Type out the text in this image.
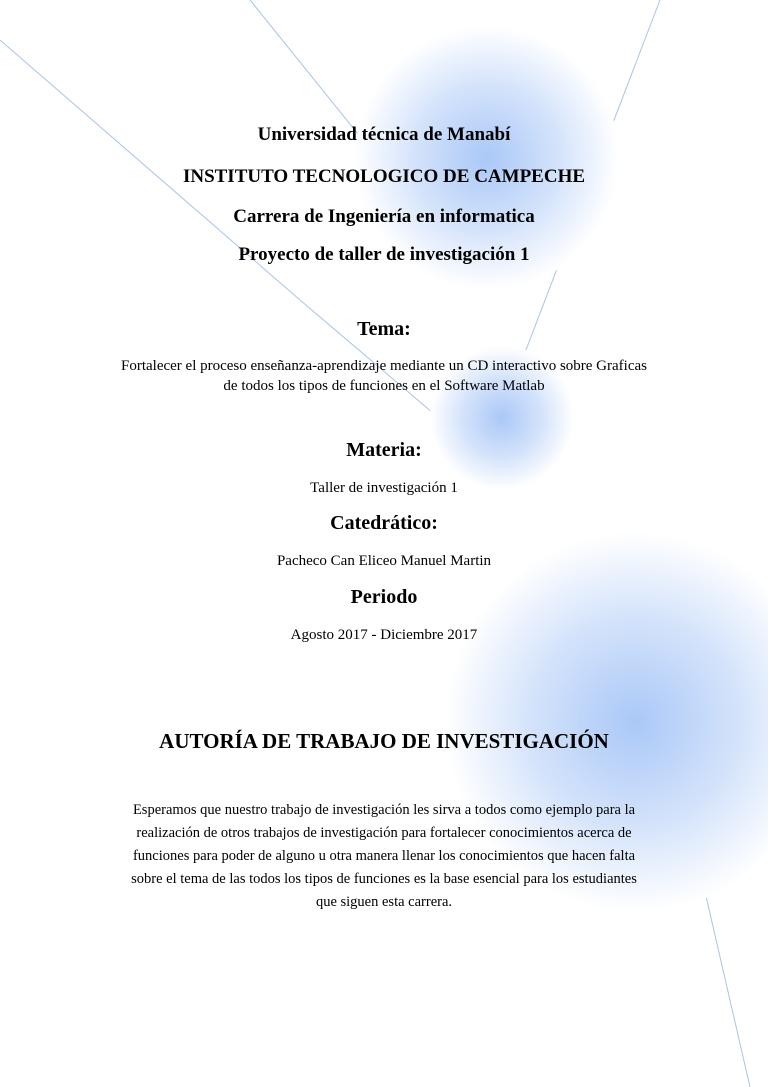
Universidad técnica de Manabí
INSTITUTO TECNOLOGICO DE CAMPECHE
Carrera de Ingeniería en informatica
Proyecto de taller de investigación 1
Tema:
Fortalecer el proceso enseñanza-aprendizaje mediante un CD interactivo sobre Graficas
de todos los tipos de funciones en el Software Matlab
Materia:
Taller de investigación 1
Catedrático:
Pacheco Can Eliceo Manuel Martin
Periodo
Agosto 2017 - Diciembre 2017
AUTORÍA DE TRABAJO DE INVESTIGACIÓN
Esperamos que nuestro trabajo de investigación les sirva a todos como ejemplo para la
realización de otros trabajos de investigación para fortalecer conocimientos acerca de
funciones para poder de alguno u otra manera llenar los conocimientos que hacen falta
sobre el tema de las todos los tipos de funciones es la base esencial para los estudiantes
que siguen esta carrera.
